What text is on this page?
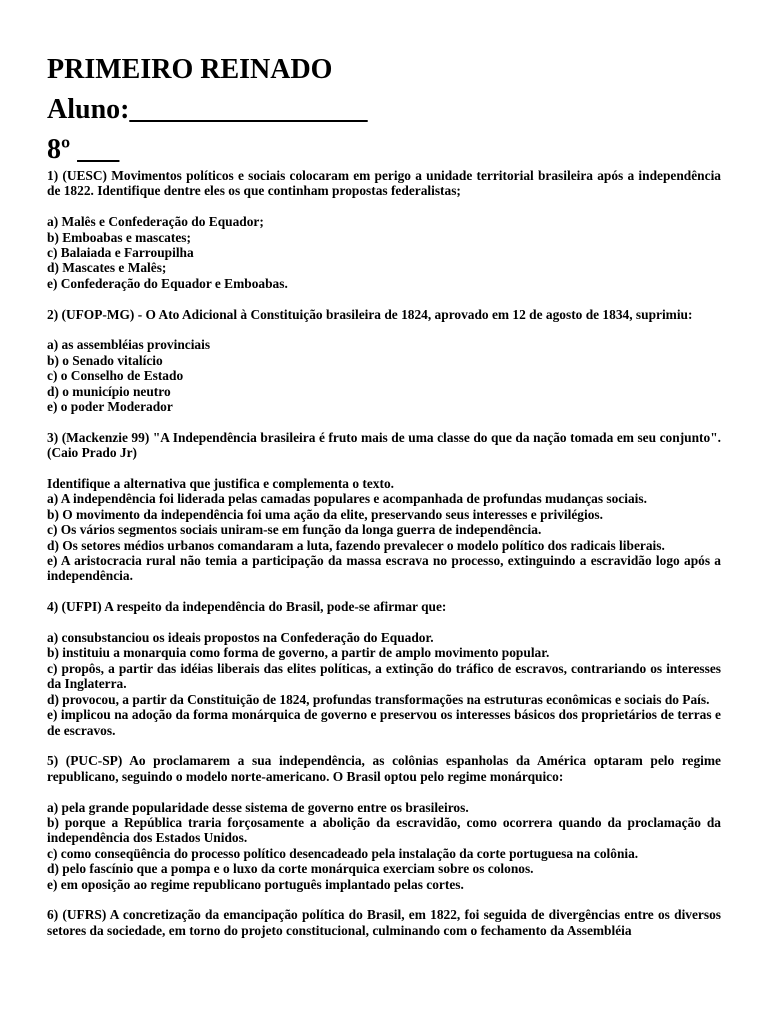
PRIMEIRO REINADO
Aluno:_________________
8º ___

1) (UESC) Movimentos políticos e sociais colocaram em perigo a unidade territorial brasileira após a independência de 1822. Identifique dentre eles os que continham propostas federalistas;

a) Malês e Confederação do Equador;
b) Emboabas e mascates;
c) Balaiada e Farroupilha
d) Mascates e Malês;
e) Confederação do Equador e Emboabas.

2) (UFOP-MG) - O Ato Adicional à Constituição brasileira de 1824, aprovado em 12 de agosto de 1834, suprimiu:

a) as assembléias provinciais
b) o Senado vitalício
c) o Conselho de Estado
d) o município neutro
e) o poder Moderador

3) (Mackenzie 99) "A Independência brasileira é fruto mais de uma classe do que da nação tomada em seu conjunto". (Caio Prado Jr)

Identifique a alternativa que justifica e complementa o texto.

a) A independência foi liderada pelas camadas populares e acompanhada de profundas mudanças sociais.
b) O movimento da independência foi uma ação da elite, preservando seus interesses e privilégios.
c) Os vários segmentos sociais uniram-se em função da longa guerra de independência.
d) Os setores médios urbanos comandaram a luta, fazendo prevalecer o modelo político dos radicais liberais.
e) A aristocracia rural não temia a participação da massa escrava no processo, extinguindo a escravidão logo após a independência.

4) (UFPI) A respeito da independência do Brasil, pode-se afirmar que:

a) consubstanciou os ideais propostos na Confederação do Equador.
b) instituiu a monarquia como forma de governo, a partir de amplo movimento popular.
c) propôs, a partir das idéias liberais das elites políticas, a extinção do tráfico de escravos, contrariando os interesses da Inglaterra.
d) provocou, a partir da Constituição de 1824, profundas transformações na estruturas econômicas e sociais do País.
e) implicou na adoção da forma monárquica de governo e preservou os interesses básicos dos proprietários de terras e de escravos.

5) (PUC-SP) Ao proclamarem a sua independência, as colônias espanholas da América optaram pelo regime republicano, seguindo o modelo norte-americano. O Brasil optou pelo regime monárquico:

a) pela grande popularidade desse sistema de governo entre os brasileiros.
b) porque a República traria forçosamente a abolição da escravidão, como ocorrera quando da proclamação da independência dos Estados Unidos.
c) como conseqüência do processo político desencadeado pela instalação da corte portuguesa na colônia.
d) pelo fascínio que a pompa e o luxo da corte monárquica exerciam sobre os colonos.
e) em oposição ao regime republicano português implantado pelas cortes.

6) (UFRS) A concretização da emancipação política do Brasil, em 1822, foi seguida de divergências entre os diversos setores da sociedade, em torno do projeto constitucional, culminando com o fechamento da Assembléia
